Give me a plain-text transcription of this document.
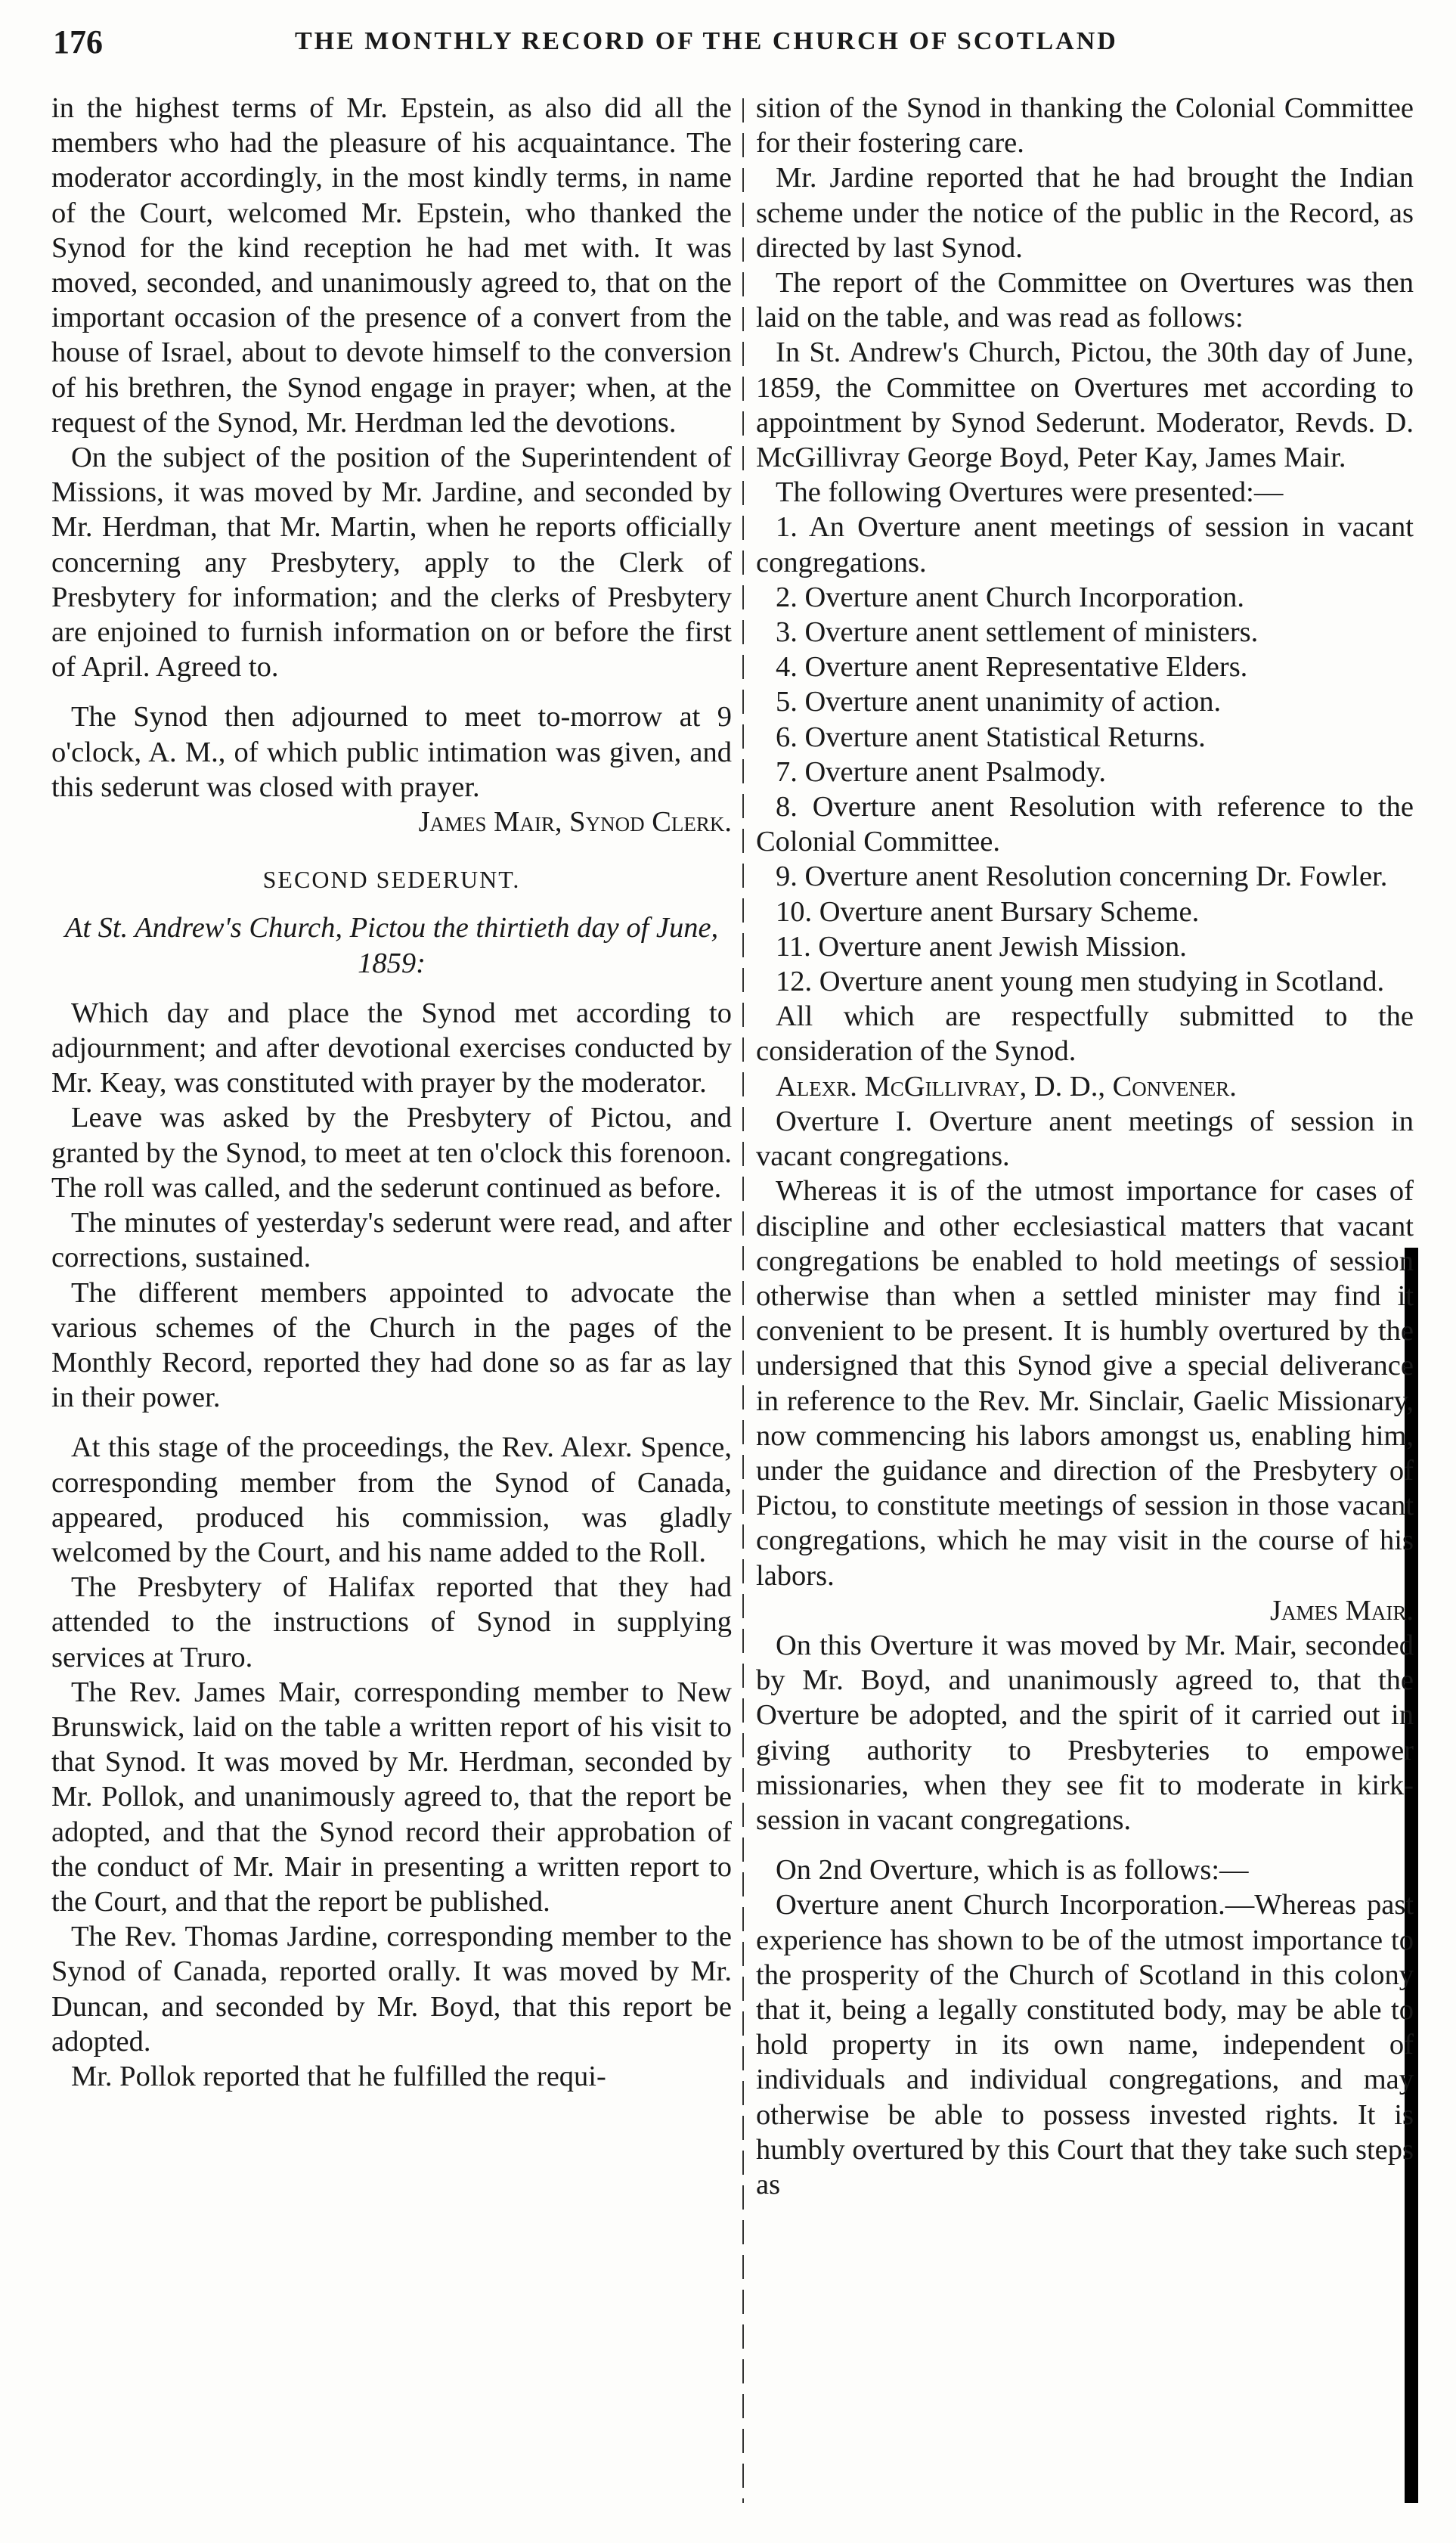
176	THE MONTHLY RECORD OF THE CHURCH OF SCOTLAND

in the highest terms of Mr. Epstein, as also did all the members who had the pleasure of his acquaintance. The moderator accordingly, in the most kindly terms, in name of the Court, welcomed Mr. Epstein, who thanked the Synod for the kind reception he had met with. It was moved, seconded, and unanimously agreed to, that on the important occasion of the presence of a convert from the house of Israel, about to devote himself to the conversion of his brethren, the Synod engage in prayer; when, at the request of the Synod, Mr. Herdman led the devotions.

On the subject of the position of the Superintendent of Missions, it was moved by Mr. Jardine, and seconded by Mr. Herdman, that Mr. Martin, when he reports officially concerning any Presbytery, apply to the Clerk of Presbytery for information; and the clerks of Presbytery are enjoined to furnish information on or before the first of April. Agreed to.

The Synod then adjourned to meet to-morrow at 9 o'clock, A. M., of which public intimation was given, and this sederunt was closed with prayer.

James Mair, Synod Clerk.

SECOND SEDERUNT.

At St. Andrew's Church, Pictou the thirtieth day of June, 1859:

Which day and place the Synod met according to adjournment; and after devotional exercises conducted by Mr. Keay, was constituted with prayer by the moderator.

Leave was asked by the Presbytery of Pictou, and granted by the Synod, to meet at ten o'clock this forenoon. The roll was called, and the sederunt continued as before.

The minutes of yesterday's sederunt were read, and after corrections, sustained.

The different members appointed to advocate the various schemes of the Church in the pages of the Monthly Record, reported they had done so as far as lay in their power.

At this stage of the proceedings, the Rev. Alexr. Spence, corresponding member from the Synod of Canada, appeared, produced his commission, was gladly welcomed by the Court, and his name added to the Roll.

The Presbytery of Halifax reported that they had attended to the instructions of Synod in supplying services at Truro.

The Rev. James Mair, corresponding member to New Brunswick, laid on the table a written report of his visit to that Synod. It was moved by Mr. Herdman, seconded by Mr. Pollok, and unanimously agreed to, that the report be adopted, and that the Synod record their approbation of the conduct of Mr. Mair in presenting a written report to the Court, and that the report be published.

The Rev. Thomas Jardine, corresponding member to the Synod of Canada, reported orally. It was moved by Mr. Duncan, and seconded by Mr. Boyd, that this report be adopted.

Mr. Pollok reported that he fulfilled the requi-

sition of the Synod in thanking the Colonial Committee for their fostering care.

Mr. Jardine reported that he had brought the Indian scheme under the notice of the public in the Record, as directed by last Synod.

The report of the Committee on Overtures was then laid on the table, and was read as follows:

In St. Andrew's Church, Pictou, the 30th day of June, 1859, the Committee on Overtures met according to appointment by Synod Sederunt. Moderator, Revds. D. McGillivray George Boyd, Peter Kay, James Mair.

The following Overtures were presented:—

1. An Overture anent meetings of session in vacant congregations.

2. Overture anent Church Incorporation.

3. Overture anent settlement of ministers.

4. Overture anent Representative Elders.

5. Overture anent unanimity of action.

6. Overture anent Statistical Returns.

7. Overture anent Psalmody.

8. Overture anent Resolution with reference to the Colonial Committee.

9. Overture anent Resolution concerning Dr. Fowler.

10. Overture anent Bursary Scheme.

11. Overture anent Jewish Mission.

12. Overture anent young men studying in Scotland.

All which are respectfully submitted to the consideration of the Synod.

Alexr. McGillivray, D. D., Convener.

Overture I. Overture anent meetings of session in vacant congregations.

Whereas it is of the utmost importance for cases of discipline and other ecclesiastical matters that vacant congregations be enabled to hold meetings of session otherwise than when a settled minister may find it convenient to be present. It is humbly overtured by the undersigned that this Synod give a special deliverance in reference to the Rev. Mr. Sinclair, Gaelic Missionary, now commencing his labors amongst us, enabling him, under the guidance and direction of the Presbytery of Pictou, to constitute meetings of session in those vacant congregations, which he may visit in the course of his labors.

James Mair.

On this Overture it was moved by Mr. Mair, seconded by Mr. Boyd, and unanimously agreed to, that the Overture be adopted, and the spirit of it carried out in giving authority to Presbyteries to empower missionaries, when they see fit to moderate in kirk-session in vacant congregations.

On 2nd Overture, which is as follows:—

Overture anent Church Incorporation.—Whereas past experience has shown to be of the utmost importance to the prosperity of the Church of Scotland in this colony that it, being a legally constituted body, may be able to hold property in its own name, independent of individuals and individual congregations, and may otherwise be able to possess invested rights. It is humbly overtured by this Court that they take such steps as
